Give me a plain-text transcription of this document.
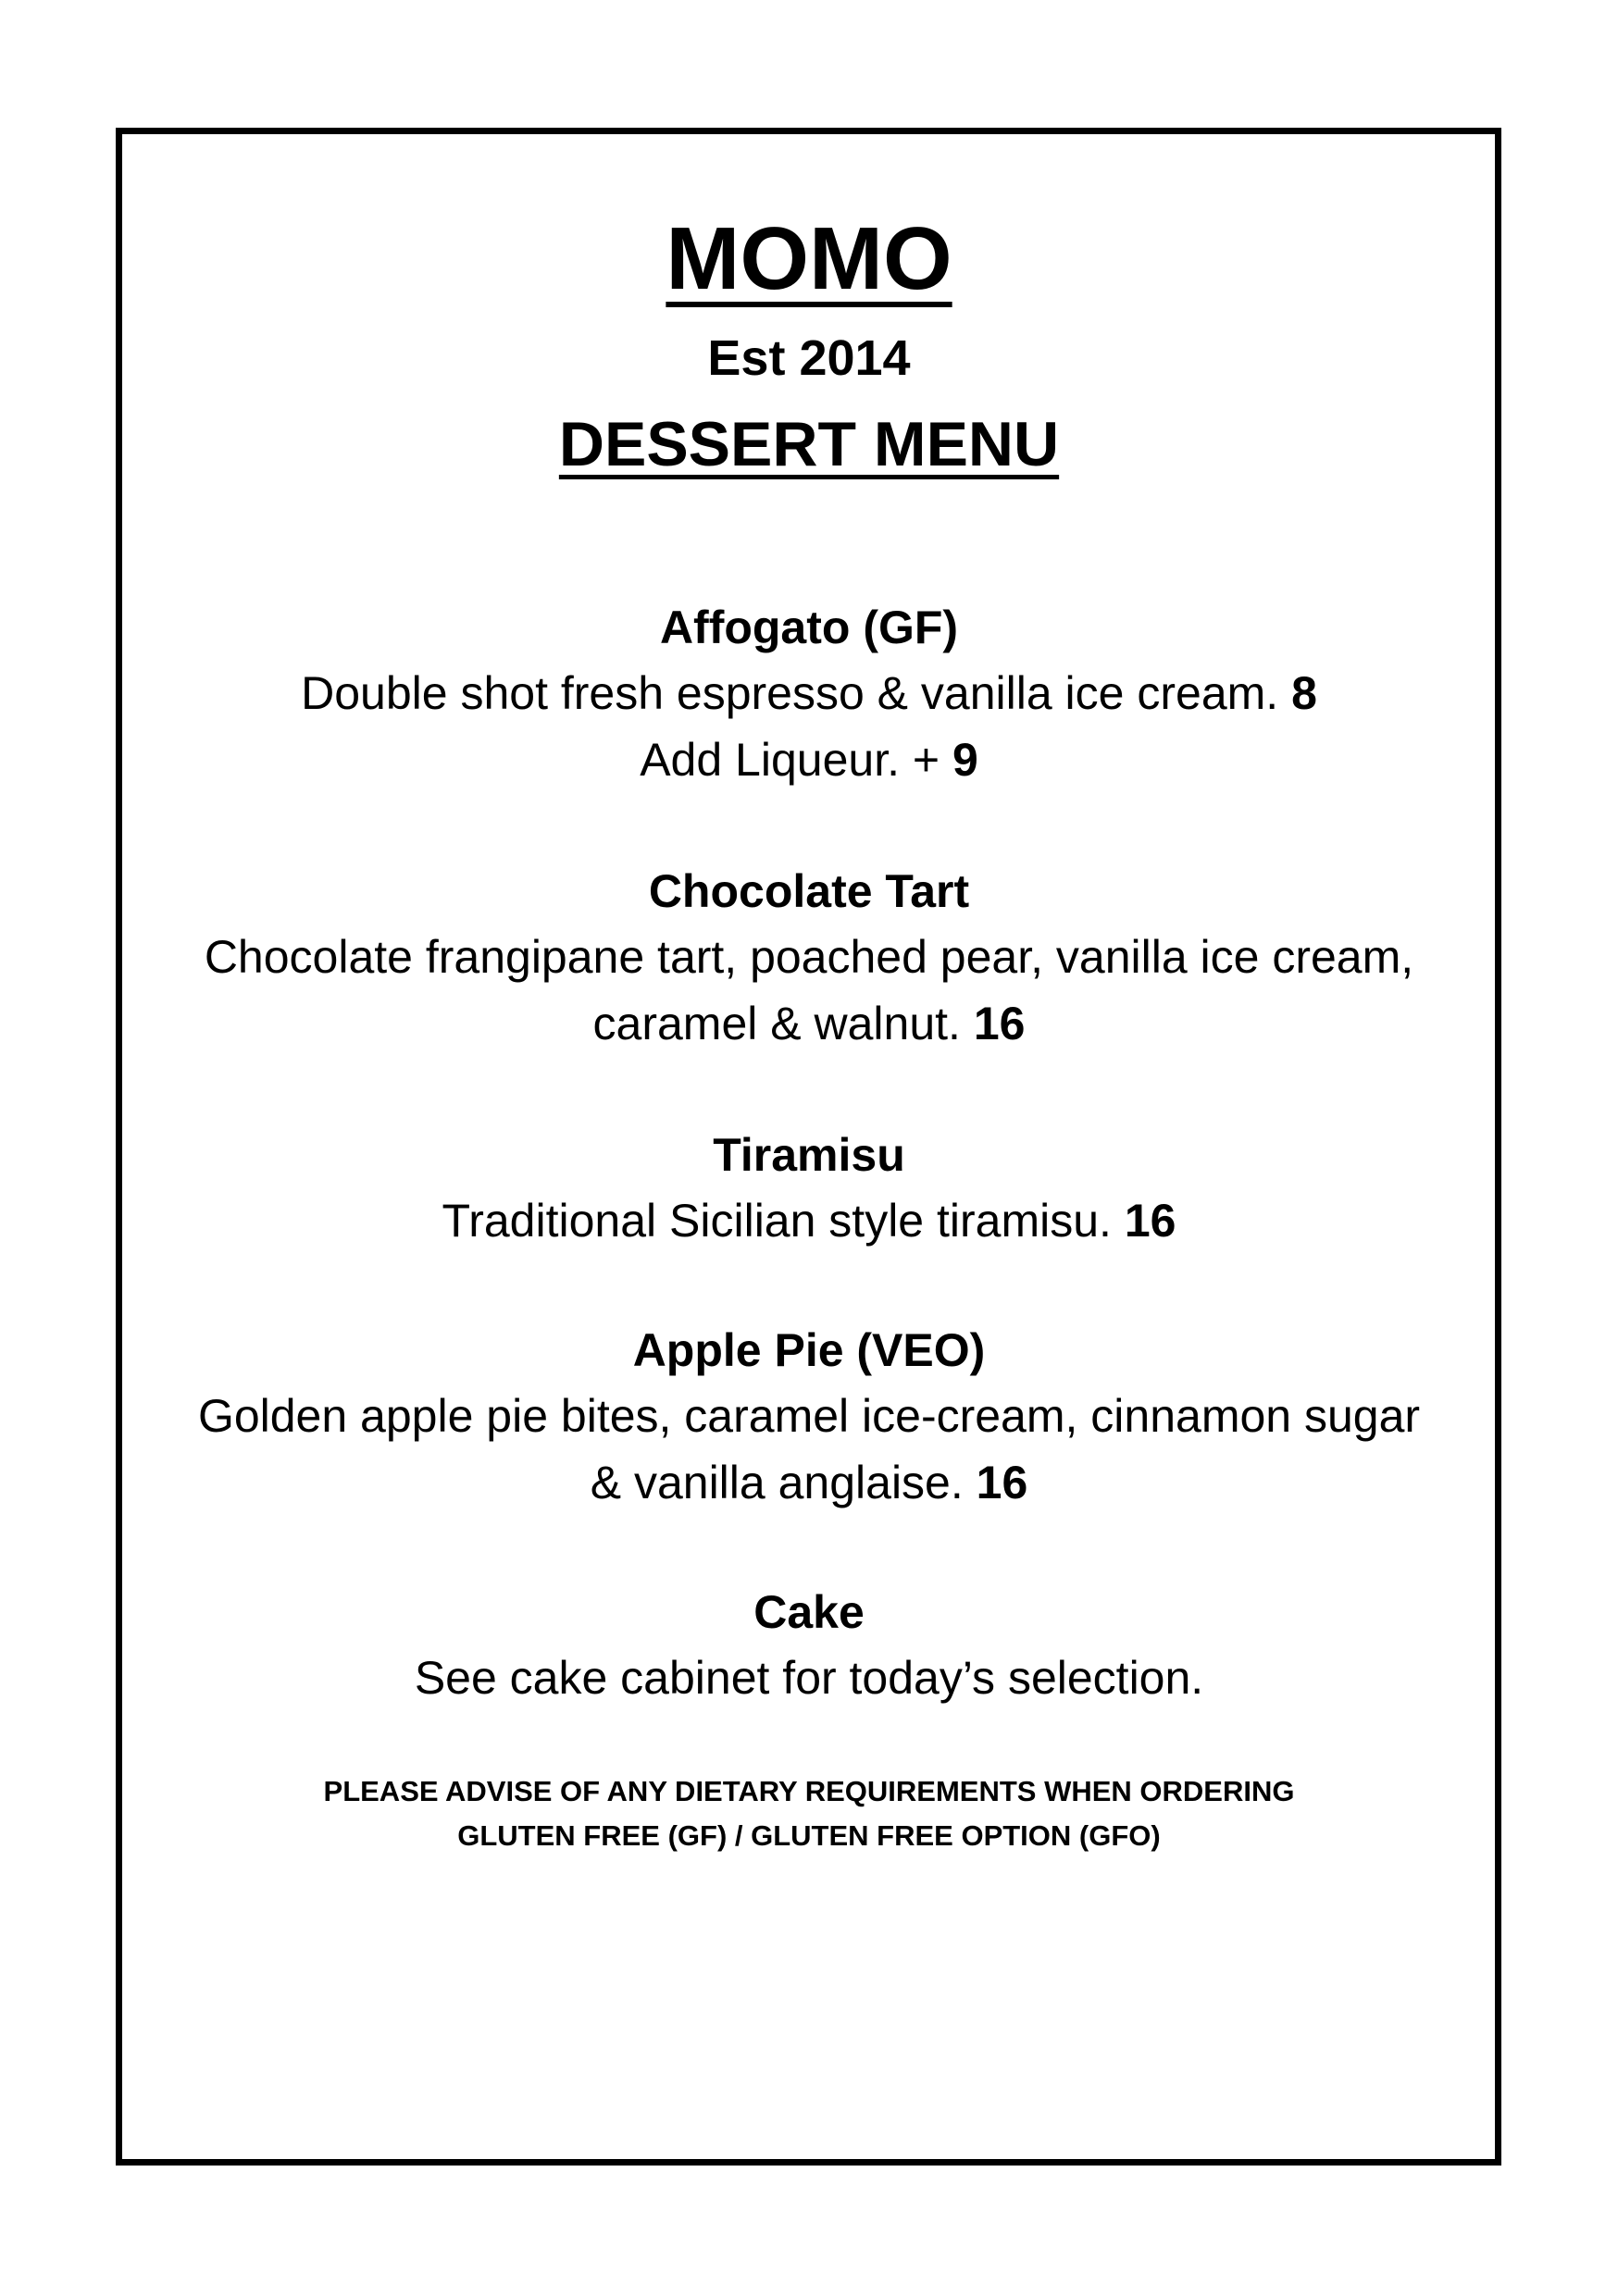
MOMO
Est 2014
DESSERT MENU
Affogato (GF)
Double shot fresh espresso & vanilla ice cream. 8
Add Liqueur. + 9
Chocolate Tart
Chocolate frangipane tart, poached pear, vanilla ice cream,
caramel & walnut. 16
Tiramisu
Traditional Sicilian style tiramisu. 16
Apple Pie (VEO)
Golden apple pie bites, caramel ice-cream, cinnamon sugar
& vanilla anglaise. 16
Cake
See cake cabinet for today’s selection.
PLEASE ADVISE OF ANY DIETARY REQUIREMENTS WHEN ORDERING
GLUTEN FREE (GF) / GLUTEN FREE OPTION (GFO)
